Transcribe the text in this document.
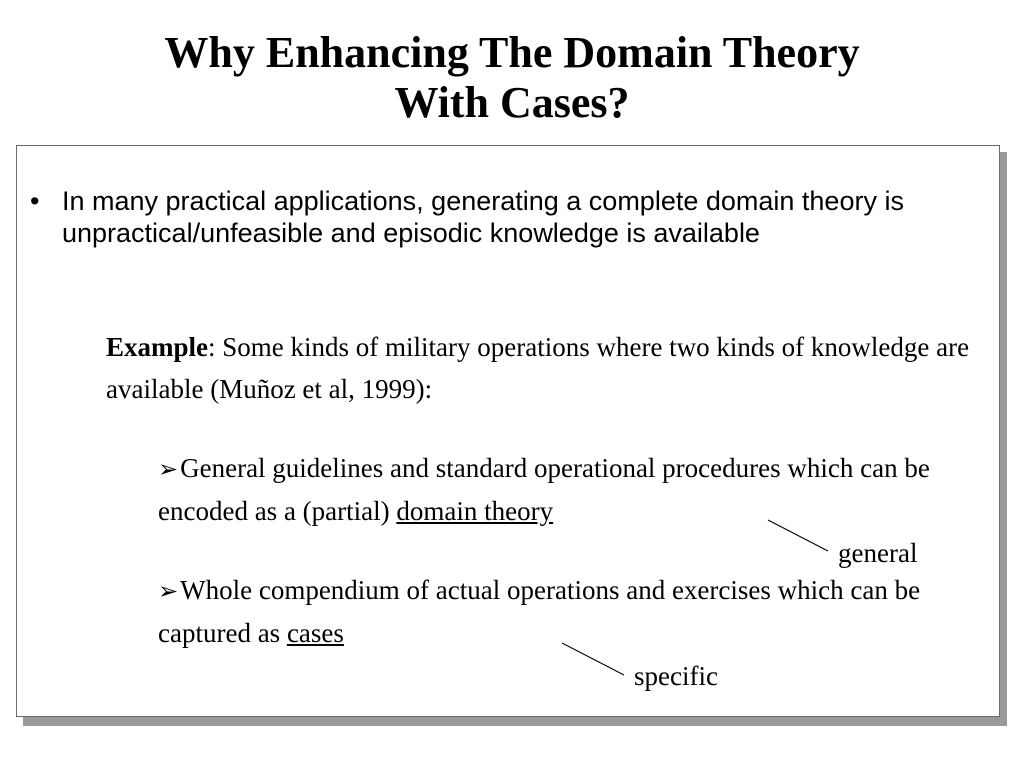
Why Enhancing The Domain Theory
With Cases?
• In many practical applications, generating a complete domain theory is unpractical/unfeasible and episodic knowledge is available
Example: Some kinds of military operations where two kinds of knowledge are available (Muñoz et al, 1999):
➢General guidelines and standard operational procedures which can be encoded as a (partial) domain theory
general
➢Whole compendium of actual operations and exercises which can be captured as cases
specific
